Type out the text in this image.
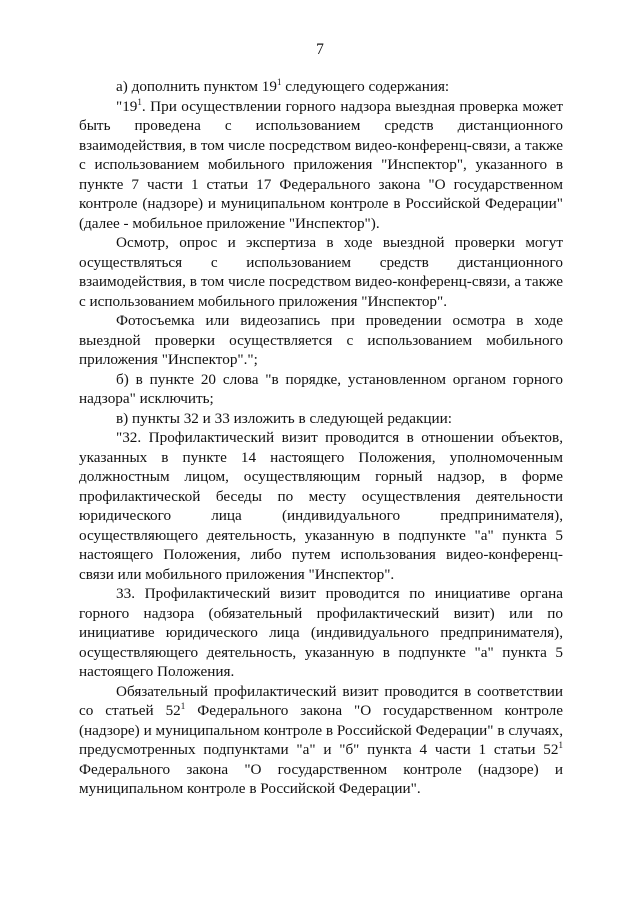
7

а) дополнить пунктом $19^1$ следующего содержания:

"$19^1$. При осуществлении горного надзора выездная проверка может быть проведена с использованием средств дистанционного взаимодействия, в том числе посредством видео-конференц-связи, а также с использованием мобильного приложения "Инспектор", указанного в пункте 7 части 1 статьи 17 Федерального закона "О государственном контроле (надзоре) и муниципальном контроле в Российской Федерации" (далее - мобильное приложение "Инспектор").

Осмотр, опрос и экспертиза в ходе выездной проверки могут осуществляться с использованием средств дистанционного взаимодействия, в том числе посредством видео-конференц-связи, а также с использованием мобильного приложения "Инспектор".

Фотосъемка или видеозапись при проведении осмотра в ходе выездной проверки осуществляется с использованием мобильного приложения "Инспектор".";

б) в пункте 20 слова "в порядке, установленном органом горного надзора" исключить;

в) пункты 32 и 33 изложить в следующей редакции:

"32. Профилактический визит проводится в отношении объектов, указанных в пункте 14 настоящего Положения, уполномоченным должностным лицом, осуществляющим горный надзор, в форме профилактической беседы по месту осуществления деятельности юридического лица (индивидуального предпринимателя), осуществляющего деятельность, указанную в подпункте "а" пункта 5 настоящего Положения, либо путем использования видео-конференц-связи или мобильного приложения "Инспектор".

33. Профилактический визит проводится по инициативе органа горного надзора (обязательный профилактический визит) или по инициативе юридического лица (индивидуального предпринимателя), осуществляющего деятельность, указанную в подпункте "а" пункта 5 настоящего Положения.

Обязательный профилактический визит проводится в соответствии со статьей $52^1$ Федерального закона "О государственном контроле (надзоре) и муниципальном контроле в Российской Федерации" в случаях, предусмотренных подпунктами "а" и "б" пункта 4 части 1 статьи $52^1$ Федерального закона "О государственном контроле (надзоре) и муниципальном контроле в Российской Федерации".
